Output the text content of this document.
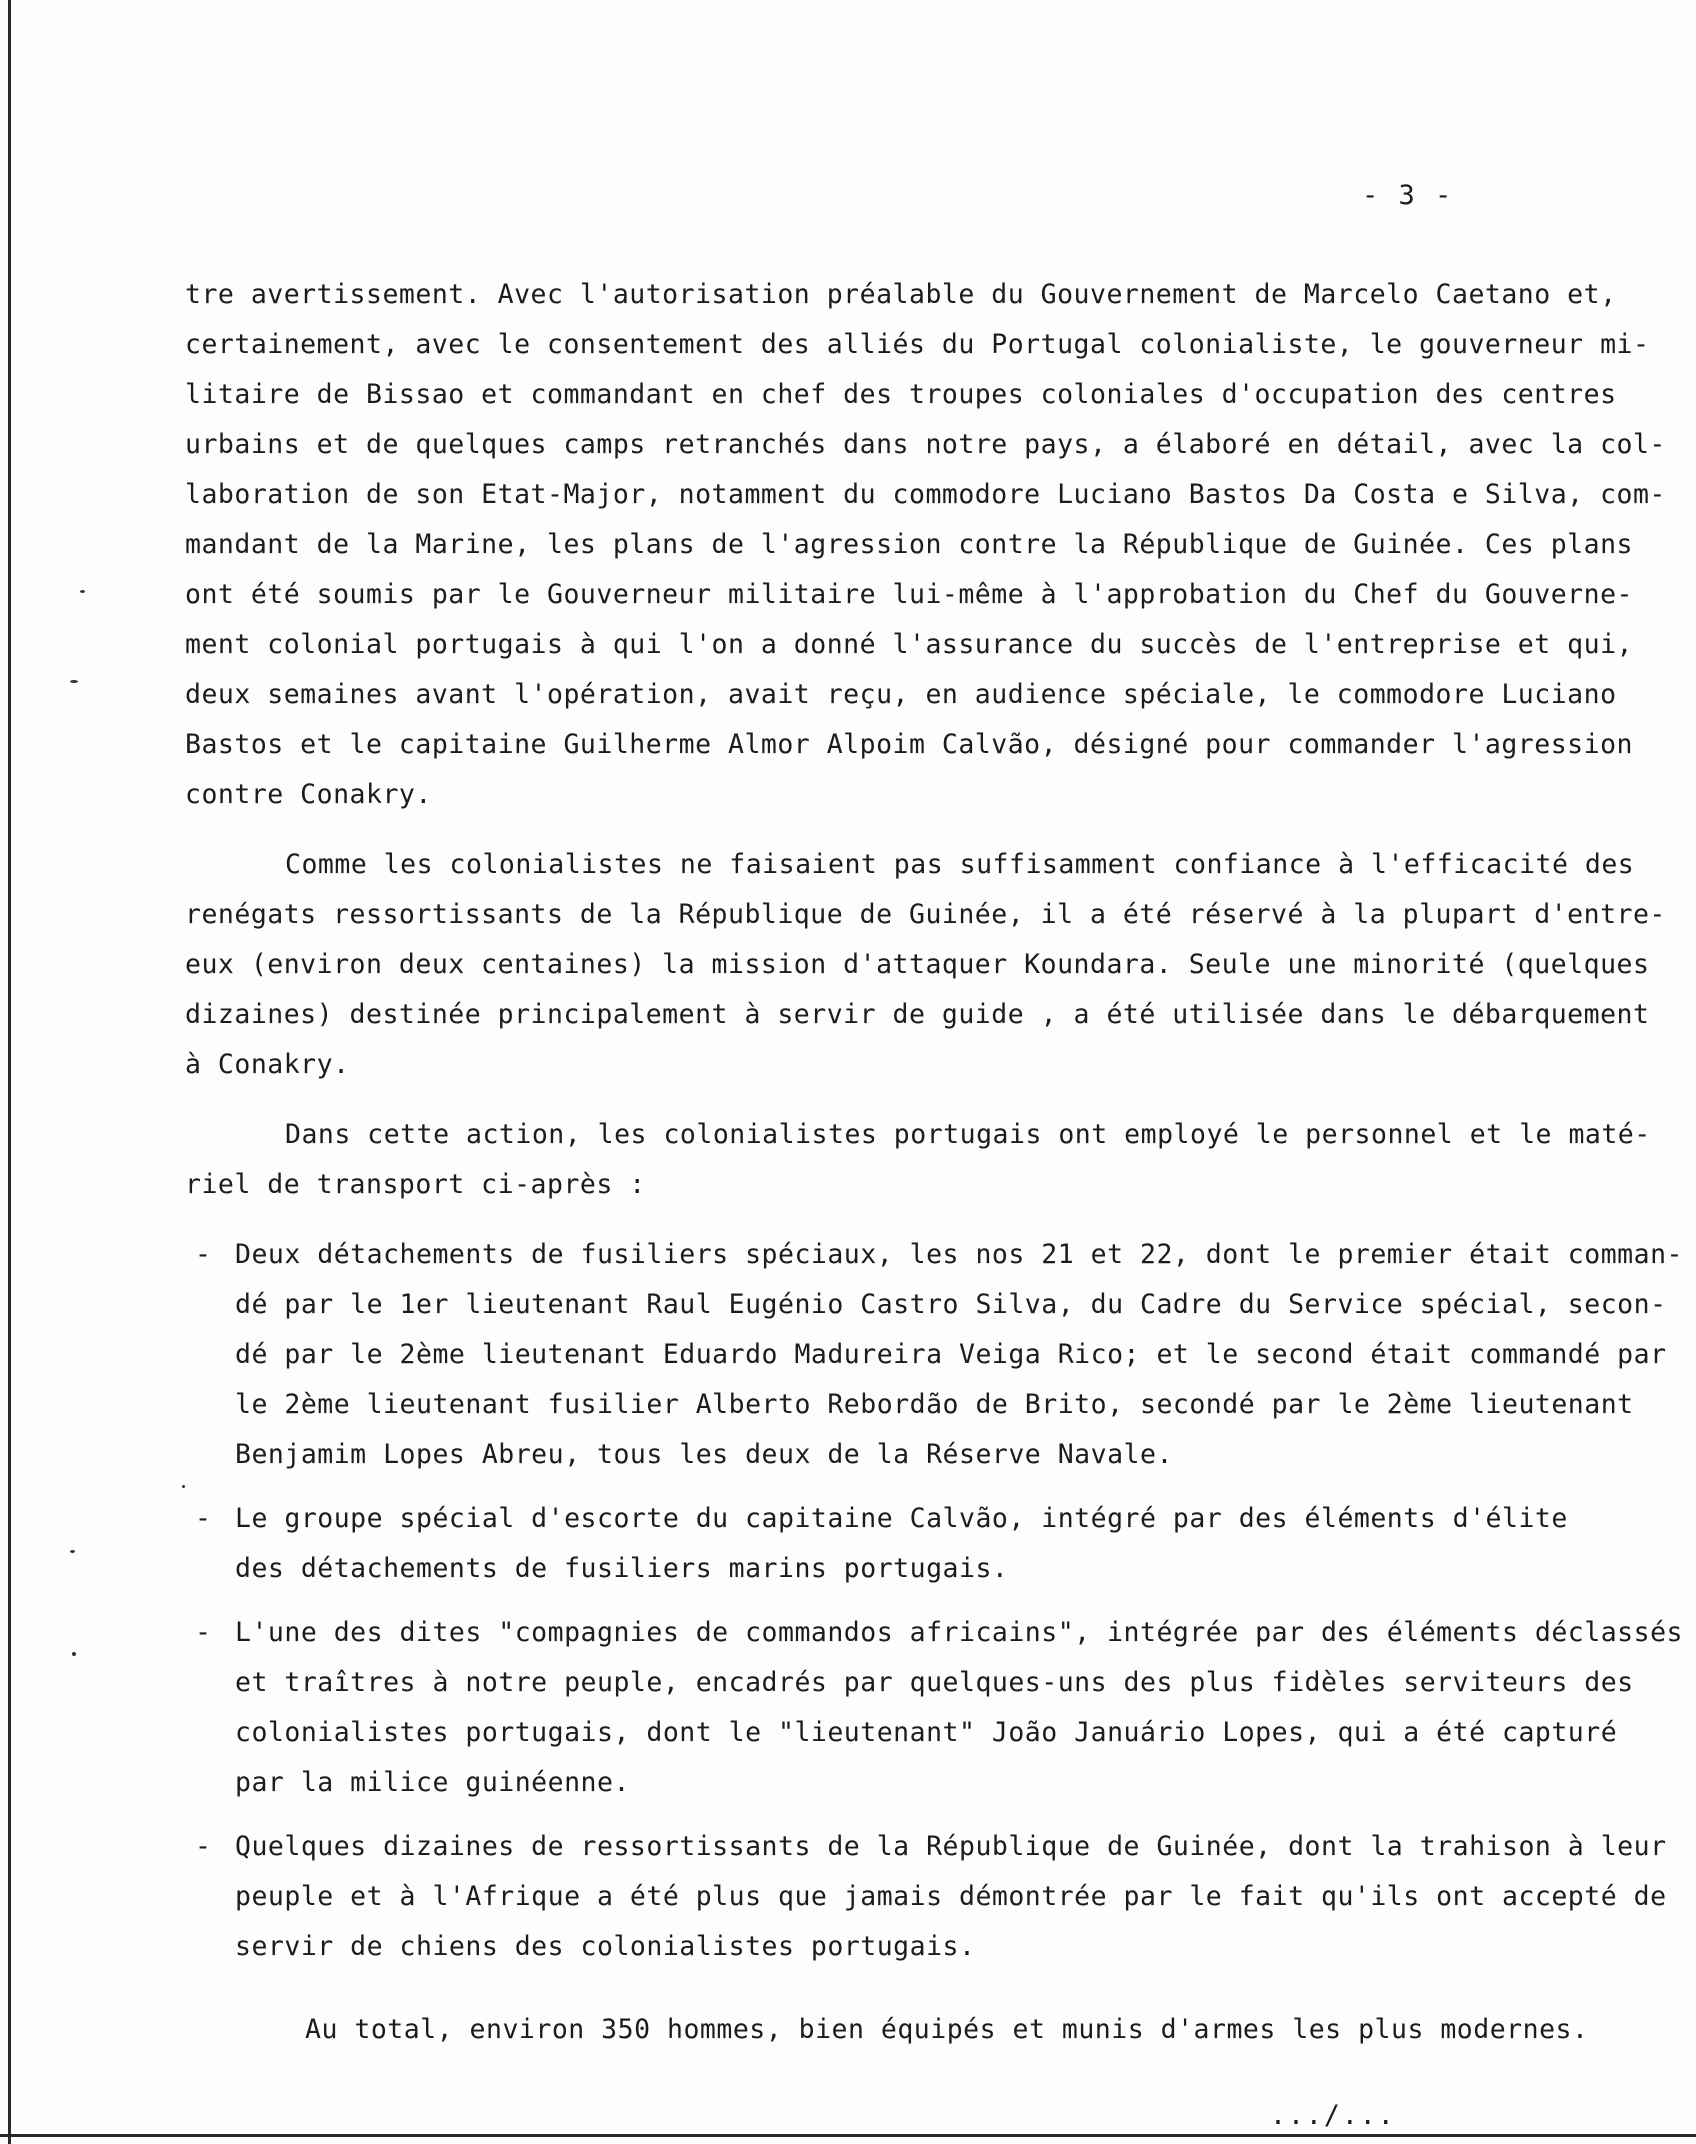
- 3 -
tre avertissement. Avec l'autorisation préalable du Gouvernement de Marcelo Caetano et,
certainement, avec le consentement des alliés du Portugal colonialiste, le gouverneur mi-
litaire de Bissao et commandant en chef des troupes coloniales d'occupation des centres
urbains et de quelques camps retranchés dans notre pays, a élaboré en détail, avec la col-
laboration de son Etat-Major, notamment du commodore Luciano Bastos Da Costa e Silva, com-
mandant de la Marine, les plans de l'agression contre la République de Guinée. Ces plans
ont été soumis par le Gouverneur militaire lui-même à l'approbation du Chef du Gouverne-
ment colonial portugais à qui l'on a donné l'assurance du succès de l'entreprise et qui,
deux semaines avant l'opération, avait reçu, en audience spéciale, le commodore Luciano
Bastos et le capitaine Guilherme Almor Alpoim Calvão, désigné pour commander l'agression
contre Conakry.
Comme les colonialistes ne faisaient pas suffisamment confiance à l'efficacité des
renégats ressortissants de la République de Guinée, il a été réservé à la plupart d'entre-
eux (environ deux centaines) la mission d'attaquer Koundara. Seule une minorité (quelques
dizaines) destinée principalement à servir de guide , a été utilisée dans le débarquement
à Conakry.
Dans cette action, les colonialistes portugais ont employé le personnel et le maté-
riel de transport ci-après :
- Deux détachements de fusiliers spéciaux, les nos 21 et 22, dont le premier était comman-
dé par le 1er lieutenant Raul Eugénio Castro Silva, du Cadre du Service spécial, secon-
dé par le 2ème lieutenant Eduardo Madureira Veiga Rico; et le second était commandé par
le 2ème lieutenant fusilier Alberto Rebordão de Brito, secondé par le 2ème lieutenant
Benjamim Lopes Abreu, tous les deux de la Réserve Navale.
- Le groupe spécial d'escorte du capitaine Calvão, intégré par des éléments d'élite
des détachements de fusiliers marins portugais.
- L'une des dites "compagnies de commandos africains", intégrée par des éléments déclassés
et traîtres à notre peuple, encadrés par quelques-uns des plus fidèles serviteurs des
colonialistes portugais, dont le "lieutenant" João Januário Lopes, qui a été capturé
par la milice guinéenne.
- Quelques dizaines de ressortissants de la République de Guinée, dont la trahison à leur
peuple et à l'Afrique a été plus que jamais démontrée par le fait qu'ils ont accepté de
servir de chiens des colonialistes portugais.
Au total, environ 350 hommes, bien équipés et munis d'armes les plus modernes.
.../...
